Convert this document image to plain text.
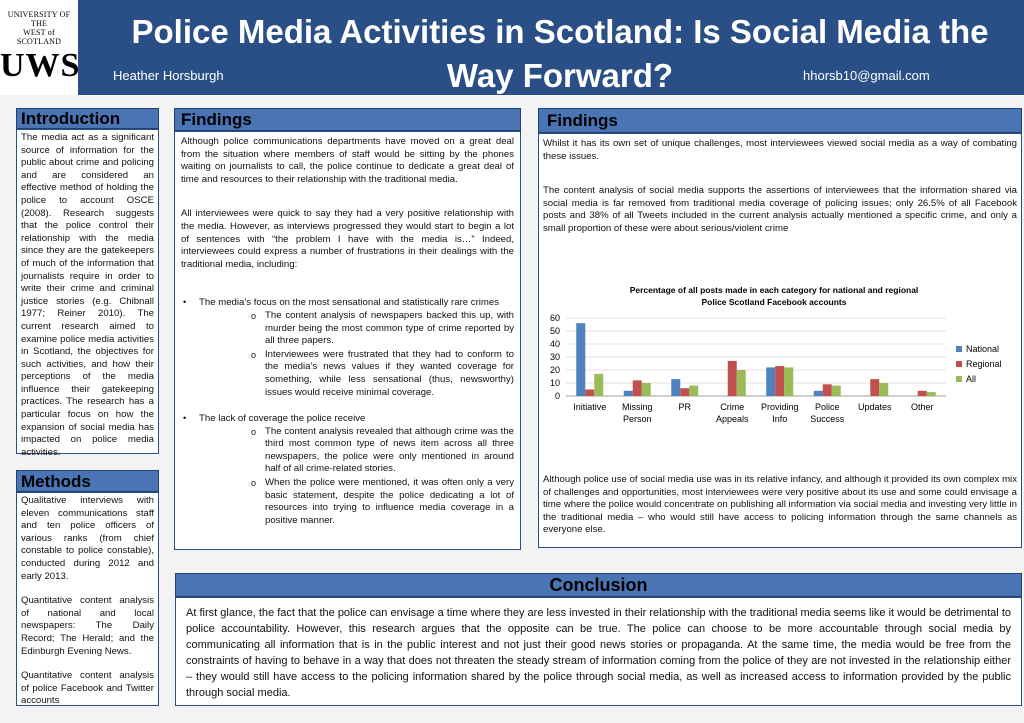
UNIVERSITY OF THE
WEST of SCOTLAND
UWS
Police Media Activities in Scotland: Is Social Media the Way Forward?
Heather Horsburgh	hhorsb10@gmail.com
Introduction
The media act as a significant source of information for the public about crime and policing and are considered an effective method of holding the police to account OSCE (2008). Research suggests that the police control their relationship with the media since they are the gatekeepers of much of the information that journalists require in order to write their crime and criminal justice stories (e.g. Chibnall 1977; Reiner 2010). The current research aimed to examine police media activities in Scotland, the objectives for such activities, and how their perceptions of the media influence their gatekeeping practices. The research has a particular focus on how the expansion of social media has impacted on police media activities.
Methods

Qualitative interviews with eleven communications staff and ten police officers of various ranks (from chief constable to police constable), conducted during 2012 and early 2013.

Quantitative content analysis of national and local newspapers: The Daily Record; The Herald; and the Edinburgh Evening News.

Quantitative content analysis of police Facebook and Twitter accounts

Findings

Although police communications departments have moved on a great deal from the situation where members of staff would be sitting by the phones waiting on journalists to call, the police continue to dedicate a great deal of time and resources to their relationship with the traditional media.

All interviewees were quick to say they had a very positive relationship with the media. However, as interviews progressed they would start to begin a lot of sentences with “the problem I have with the media is…” Indeed, interviewees could express a number of frustrations in their dealings with the traditional media, including:

• The media’s focus on the most sensational and statistically rare crimes
o The content analysis of newspapers backed this up, with murder being the most common type of crime reported by all three papers.
o Interviewees were frustrated that they had to conform to the media’s news values if they wanted coverage for something, while less sensational (thus, newsworthy) issues would receive minimal coverage.
• The lack of coverage the police receive
o The content analysis revealed that although crime was the third most common type of news item across all three newspapers, the police were only mentioned in around half of all crime-related stories.
o When the police were mentioned, it was often only a very basic statement, despite the police dedicating a lot of resources into trying to influence media coverage in a positive manner.
Findings

Whilst it has its own set of unique challenges, most interviewees viewed social media as a way of combating these issues.

The content analysis of social media supports the assertions of interviewees that the information shared via social media is far removed from traditional media coverage of policing issues; only 26.5% of all Facebook posts and 38% of all Tweets included in the current analysis actually mentioned a specific crime, and only a small proportion of these were about serious/violent crime

Although police use of social media use was in its relative infancy, and although it provided its own complex mix of challenges and opportunities, most interviewees were very positive about its use and some could envisage a time where the police would concentrate on publishing all information via social media and investing very little in the traditional media – who would still have access to policing information through the same channels as everyone else.

Percentage of all posts made in each category for national and regional
Police Scotland Facebook accounts
0
10
20
30
40
50
60
Initiative Missing
Person
PR	Crime
Appeals
Providing
Info
Police
Success
Updates Other
National
Regional
All
Conclusion
At first glance, the fact that the police can envisage a time where they are less invested in their relationship with the traditional media seems like it would be detrimental to police accountability. However, this research argues that the opposite can be true. The police can choose to be more accountable through social media by communicating all information that is in the public interest and not just their good news stories or propaganda. At the same time, the media would be free from the constraints of having to behave in a way that does not threaten the steady stream of information coming from the police of they are not invested in the relationship either – they would still have access to the policing information shared by the police through social media, as well as increased access to information provided by the public through social media.
